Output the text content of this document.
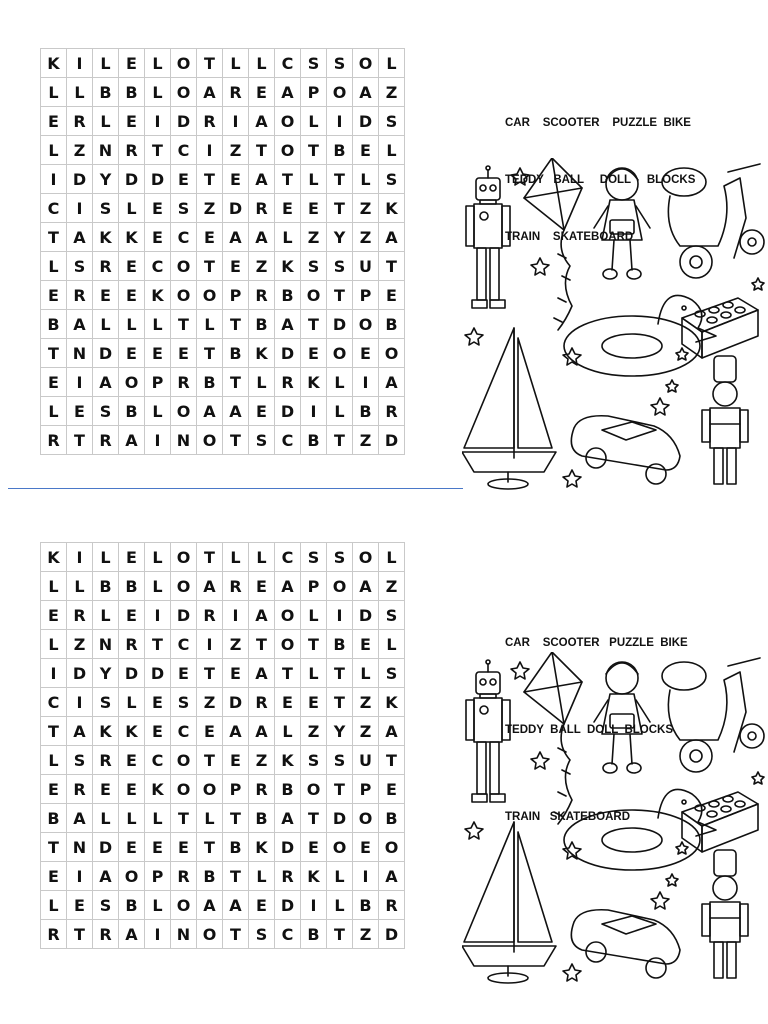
K	I	L	E	L	O	T	L	L	C	S	S	O	L
L	L	B	B	L	O	A	R	E	A	P	O	A	Z
E	R	L	E	I	D	R	I	A	O	L	I	D	S
L	Z	N	R	T	C	I	Z	T	O	T	B	E	L
I	D	Y	D	D	E	T	E	A	T	L	T	L	S
C	I	S	L	E	S	Z	D	R	E	E	T	Z	K
T	A	K	K	E	C	E	A	A	L	Z	Y	Z	A
L	S	R	E	C	O	T	E	Z	K	S	S	U	T
E	R	E	E	K	O	O	P	R	B	O	T	P	E
B	A	L	L	L	T	L	T	B	A	T	D	O	B
T	N	D	E	E	E	T	B	K	D	E	O	E	O
E	I	A	O	P	R	B	T	L	R	K	L	I	A
L	E	S	B	L	O	A	A	E	D	I	L	B	R
R	T	R	A	I	N	O	T	S	C	B	T	Z	D

CAR    SCOOTER    PUZZLE  BIKE

TEDDY   BALL     DOLL     BLOCKS

TRAIN    SKATEBOARD

K	I	L	E	L	O	T	L	L	C	S	S	O	L
L	L	B	B	L	O	A	R	E	A	P	O	A	Z
E	R	L	E	I	D	R	I	A	O	L	I	D	S
L	Z	N	R	T	C	I	Z	T	O	T	B	E	L
I	D	Y	D	D	E	T	E	A	T	L	T	L	S
C	I	S	L	E	S	Z	D	R	E	E	T	Z	K
T	A	K	K	E	C	E	A	A	L	Z	Y	Z	A
L	S	R	E	C	O	T	E	Z	K	S	S	U	T
E	R	E	E	K	O	O	P	R	B	O	T	P	E
B	A	L	L	L	T	L	T	B	A	T	D	O	B
T	N	D	E	E	E	T	B	K	D	E	O	E	O
E	I	A	O	P	R	B	T	L	R	K	L	I	A
L	E	S	B	L	O	A	A	E	D	I	L	B	R
R	T	R	A	I	N	O	T	S	C	B	T	Z	D

CAR    SCOOTER   PUZZLE  BIKE

TEDDY  BALL  DOLL  BLOCKS

TRAIN   SKATEBOARD
